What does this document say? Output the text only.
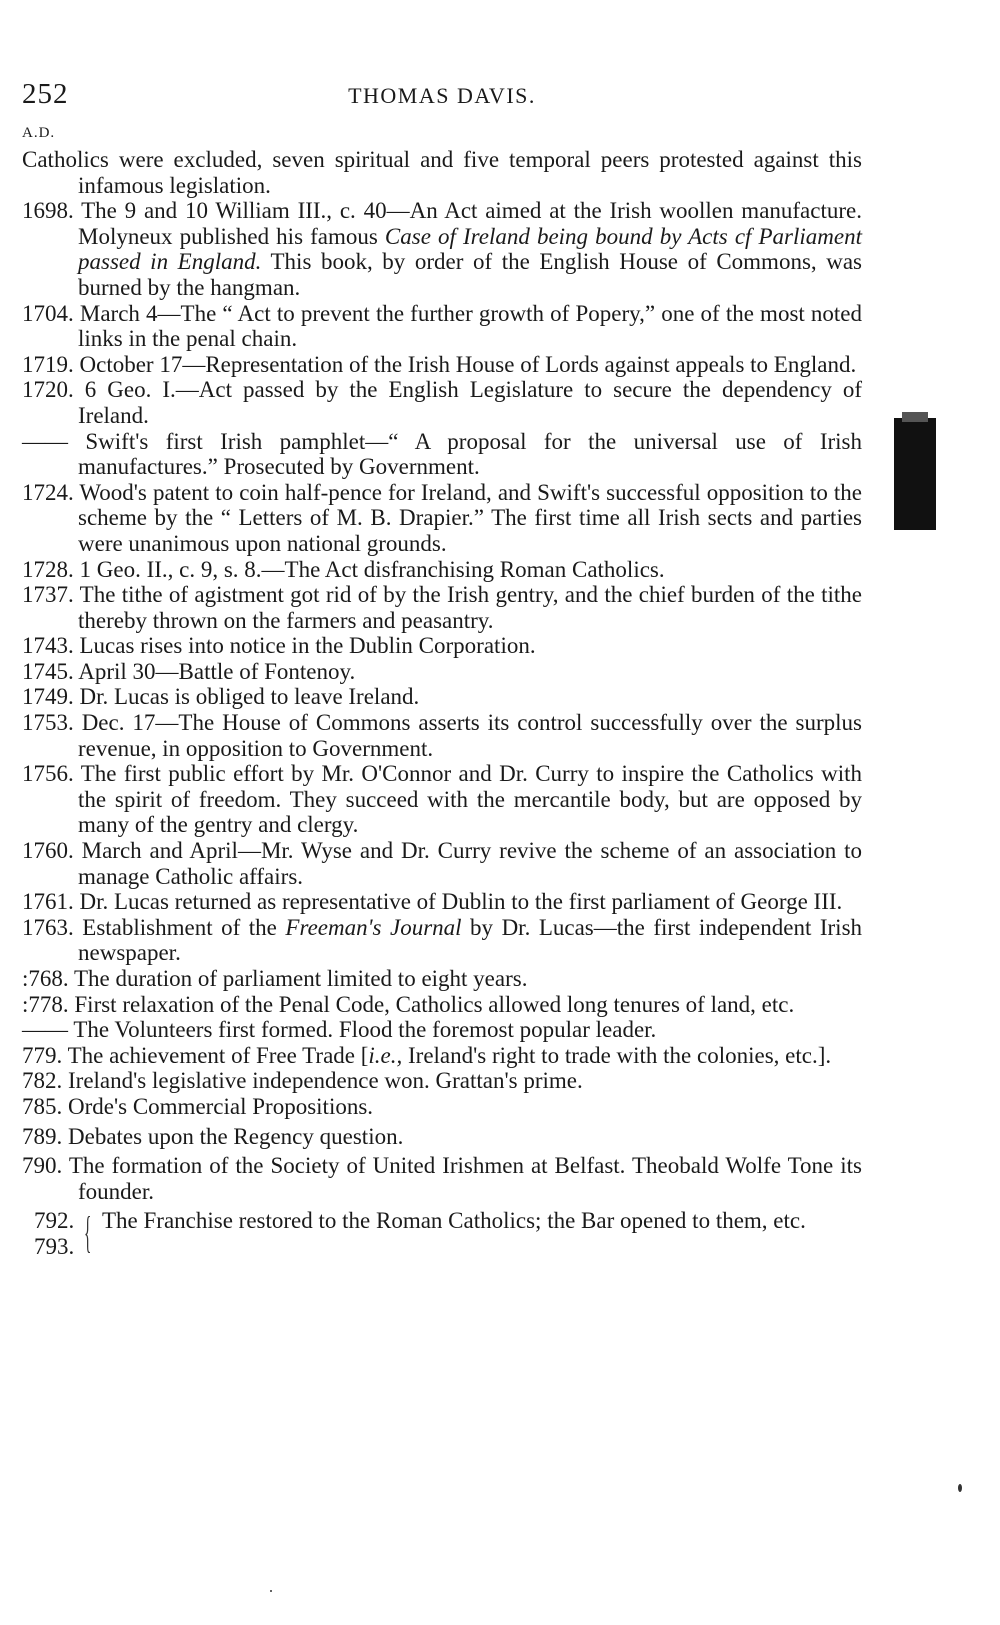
252	THOMAS DAVIS.
A.D.

Catholics were excluded, seven spiritual and five temporal peers protested against this infamous legislation.

1698. The 9 and 10 William III., c. 40—An Act aimed at the Irish woollen manufacture. Molyneux published his famous Case of Ireland being bound by Acts cf Parliament passed in England. This book, by order of the English House of Commons, was burned by the hangman.

1704. March 4—The “ Act to prevent the further growth of Popery,” one of the most noted links in the penal chain.

1719. October 17—Representation of the Irish House of Lords against appeals to England.

1720. 6 Geo. I.—Act passed by the English Legislature to secure the dependency of Ireland.

—— Swift's first Irish pamphlet—“ A proposal for the universal use of Irish manufactures.” Prosecuted by Government.

1724. Wood's patent to coin half-pence for Ireland, and Swift's successful opposition to the scheme by the “ Letters of M. B. Drapier.” The first time all Irish sects and parties were unanimous upon national grounds.

1728. 1 Geo. II., c. 9, s. 8.—The Act disfranchising Roman Catholics.

1737. The tithe of agistment got rid of by the Irish gentry, and the chief burden of the tithe thereby thrown on the farmers and peasantry.

1743. Lucas rises into notice in the Dublin Corporation.

1745. April 30—Battle of Fontenoy.

1749. Dr. Lucas is obliged to leave Ireland.

1753. Dec. 17—The House of Commons asserts its control successfully over the surplus revenue, in opposition to Government.

1756. The first public effort by Mr. O'Connor and Dr. Curry to inspire the Catholics with the spirit of freedom. They succeed with the mercantile body, but are opposed by many of the gentry and clergy.

1760. March and April—Mr. Wyse and Dr. Curry revive the scheme of an association to manage Catholic affairs.

1761. Dr. Lucas returned as representative of Dublin to the first parliament of George III.

1763. Establishment of the Freeman's Journal by Dr. Lucas—the first independent Irish newspaper.

:768. The duration of parliament limited to eight years.

:778. First relaxation of the Penal Code, Catholics allowed long tenures of land, etc.

—— The Volunteers first formed. Flood the foremost popular leader.

779. The achievement of Free Trade [i.e., Ireland's right to trade with the colonies, etc.].

782. Ireland's legislative independence won. Grattan's prime.

785. Orde's Commercial Propositions.

789. Debates upon the Regency question.

790. The formation of the Society of United Irishmen at Belfast. Theobald Wolfe Tone its founder.

792.
793. { The Franchise restored to the Roman Catholics; the Bar opened to them, etc.
